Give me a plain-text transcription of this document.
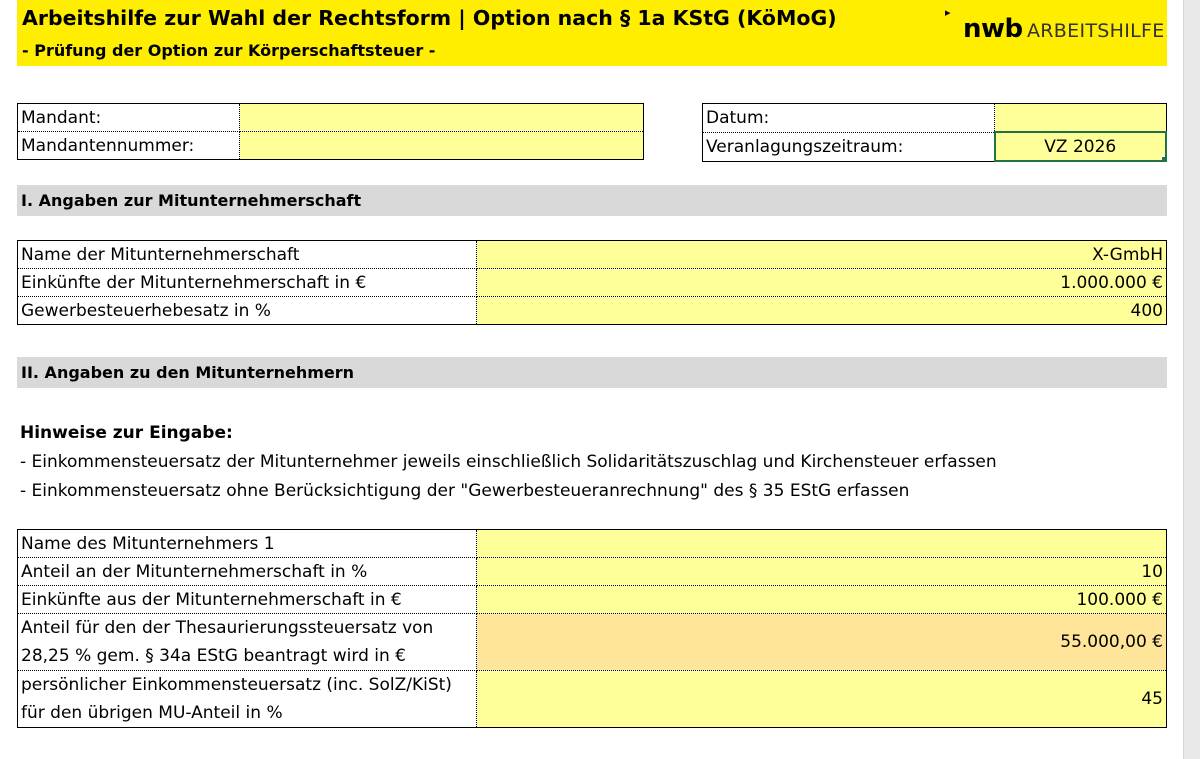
Arbeitshilfe zur Wahl der Rechtsform | Option nach § 1a KStG (KöMoG)
- Prüfung der Option zur Körperschaftsteuer -
▸
nwb ARBEITSHILFE
Mandant:	
Mandantennummer:	
Datum:	
Veranlagungszeitraum:	VZ 2026
I. Angaben zur Mitunternehmerschaft
Name der Mitunternehmerschaft	X-GmbH
Einkünfte der Mitunternehmerschaft in €	1.000.000 €
Gewerbesteuerhebesatz in %	400
II. Angaben zu den Mitunternehmern
Hinweise zur Eingabe:
- Einkommensteuersatz der Mitunternehmer jeweils einschließlich Solidaritätszuschlag und Kirchensteuer erfassen
- Einkommensteuersatz ohne Berücksichtigung der "Gewerbesteueranrechnung" des § 35 EStG erfassen
Name des Mitunternehmers 1	
Anteil an der Mitunternehmerschaft in %	10
Einkünfte aus der Mitunternehmerschaft in €	100.000 €
Anteil für den der Thesaurierungssteuersatz von 28,25 % gem. § 34a EStG beantragt wird in €	55.000,00 €
persönlicher Einkommensteuersatz (inc. SolZ/KiSt) für den übrigen MU-Anteil in %	45
